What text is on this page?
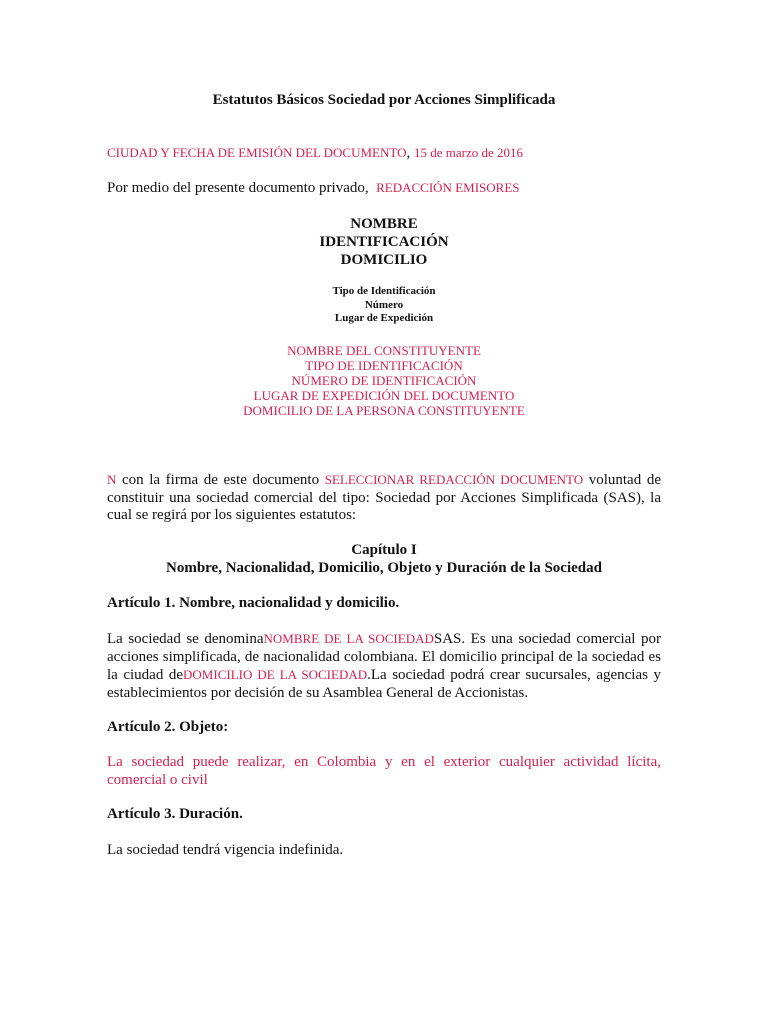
Estatutos Básicos Sociedad por Acciones Simplificada
CIUDAD Y FECHA DE EMISIÓN DEL DOCUMENTO, 15 de marzo de 2016
Por medio del presente documento privado, REDACCIÓN EMISORES
NOMBRE
IDENTIFICACIÓN
DOMICILIO
Tipo de Identificación
Número
Lugar de Expedición
NOMBRE DEL CONSTITUYENTE
TIPO DE IDENTIFICACIÓN
NÚMERO DE IDENTIFICACIÓN
LUGAR DE EXPEDICIÓN DEL DOCUMENTO
DOMICILIO DE LA PERSONA CONSTITUYENTE
N con la firma de este documento SELECCIONAR REDACCIÓN DOCUMENTO voluntad de constituir una sociedad comercial del tipo: Sociedad por Acciones Simplificada (SAS), la cual se regirá por los siguientes estatutos:
Capítulo I
Nombre, Nacionalidad, Domicilio, Objeto y Duración de la Sociedad
Artículo 1. Nombre, nacionalidad y domicilio.
La sociedad se denominaNOMBRE DE LA SOCIEDADSAS. Es una sociedad comercial por acciones simplificada, de nacionalidad colombiana. El domicilio principal de la sociedad es la ciudad deDOMICILIO DE LA SOCIEDAD.La sociedad podrá crear sucursales, agencias y establecimientos por decisión de su Asamblea General de Accionistas.
Artículo 2. Objeto:
La sociedad puede realizar, en Colombia y en el exterior cualquier actividad lícita, comercial o civil
Artículo 3. Duración.
La sociedad tendrá vigencia indefinida.
